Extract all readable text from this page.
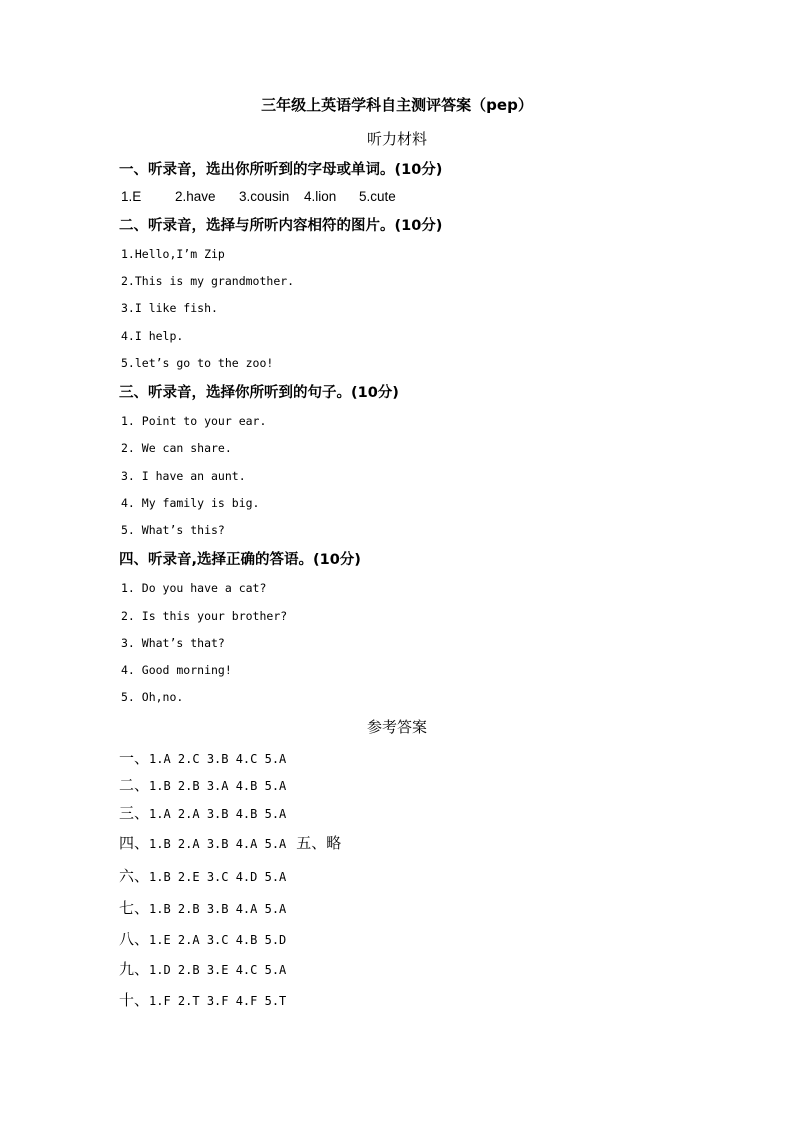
三年级上英语学科自主测评答案（pep）
听力材料
一、听录音，选出你所听到的字母或单词。(10分)
1.E 2.have 3.cousin 4.lion 5.cute
二、听录音，选择与所听内容相符的图片。(10分)
1.Hello,I’m Zip
2.This is my grandmother.
3.I like fish.
4.I help.
5.let’s go to the zoo!
三、听录音，选择你所听到的句子。(10分)
1. Point to your ear.
2. We can share.
3. I have an aunt.
4. My family is big.
5. What’s this?
四、听录音,选择正确的答语。(10分)
1. Do you have a cat?
2. Is this your brother?
3. What’s that?
4. Good morning!
5. Oh,no.
参考答案
一、1.A 2.C 3.B 4.C 5.A
二、1.B 2.B 3.A 4.B 5.A
三、1.A 2.A 3.B 4.B 5.A
四、1.B 2.A 3.B 4.A 5.A 五、略
六、1.B 2.E 3.C 4.D 5.A
七、1.B 2.B 3.B 4.A 5.A
八、1.E 2.A 3.C 4.B 5.D
九、1.D 2.B 3.E 4.C 5.A
十、1.F 2.T 3.F 4.F 5.T
